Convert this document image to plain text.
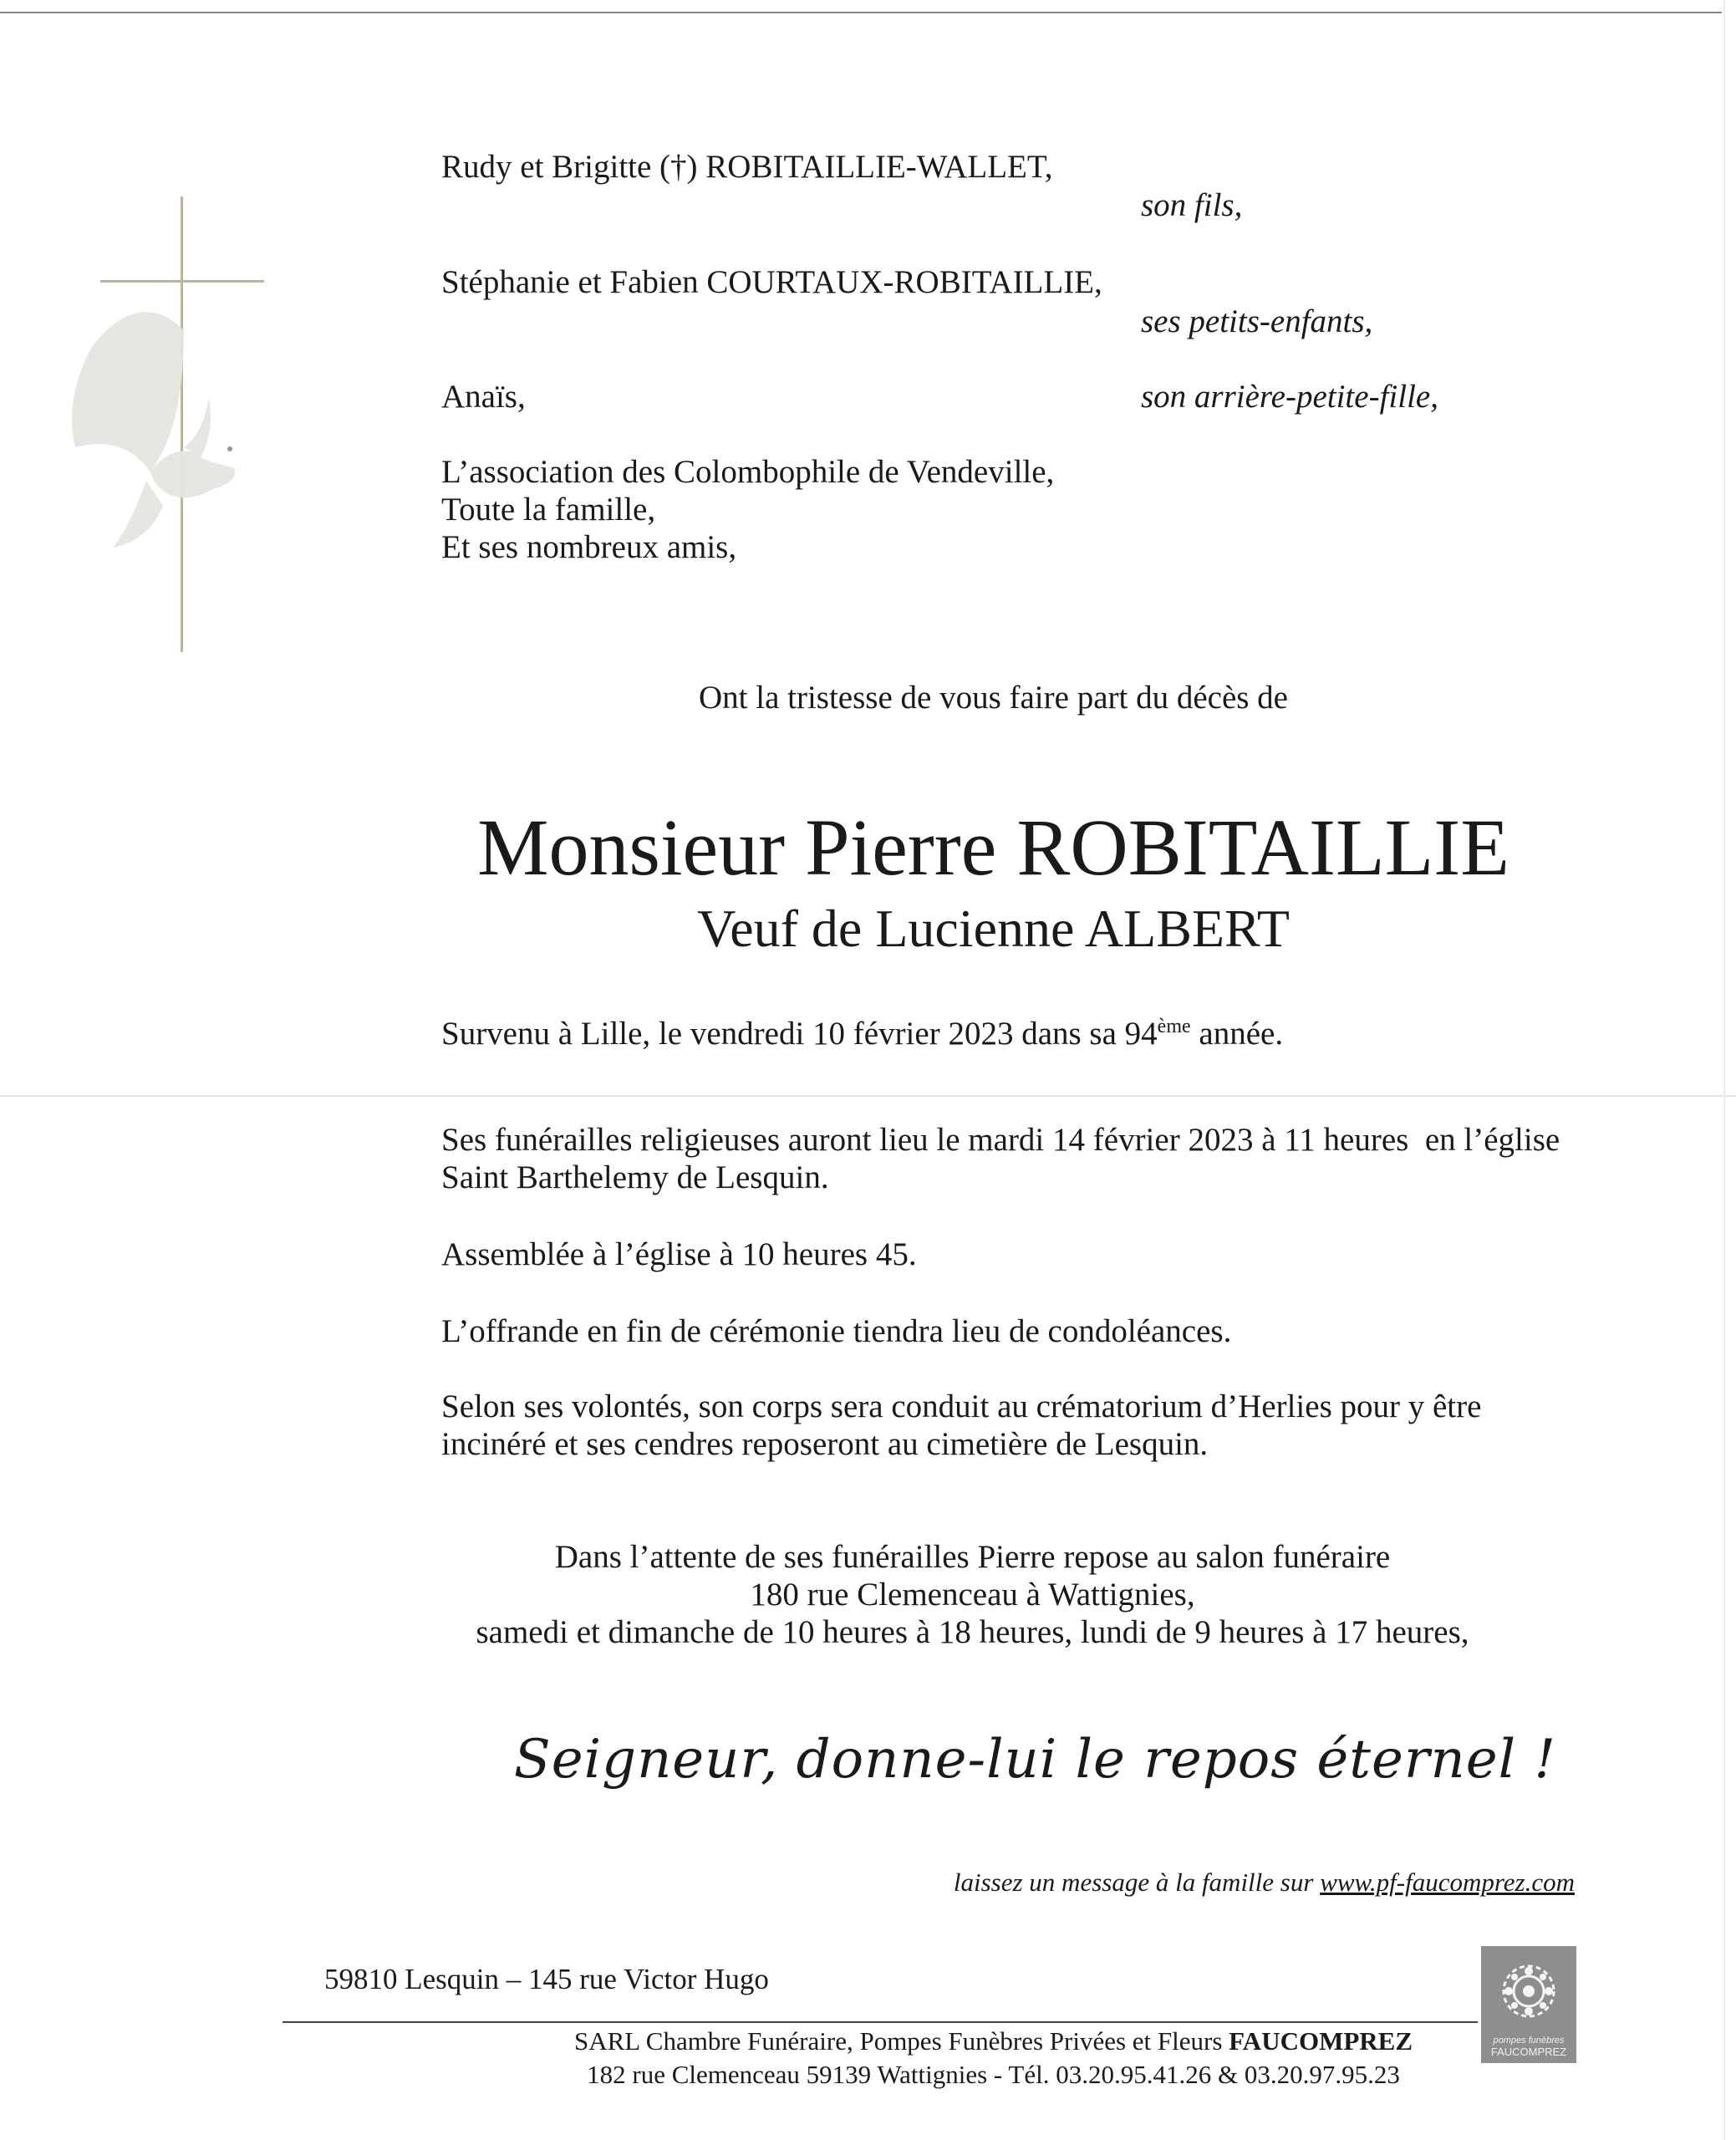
Rudy et Brigitte (†) ROBITAILLIE-WALLET,
son fils,
Stéphanie et Fabien COURTAUX-ROBITAILLIE,
ses petits-enfants,
Anaïs,	son arrière-petite-fille,
L’association des Colombophile de Vendeville,
Toute la famille,
Et ses nombreux amis,
Ont la tristesse de vous faire part du décès de
Monsieur Pierre ROBITAILLIE
Veuf de Lucienne ALBERT
Survenu à Lille, le vendredi 10 février 2023 dans sa 94ème année.
Ses funérailles religieuses auront lieu le mardi 14 février 2023 à 11 heures  en l’église
Saint Barthelemy de Lesquin.
Assemblée à l’église à 10 heures 45.
L’offrande en fin de cérémonie tiendra lieu de condoléances.
Selon ses volontés, son corps sera conduit au crématorium d’Herlies pour y être
incinéré et ses cendres reposeront au cimetière de Lesquin.
Dans l’attente de ses funérailles Pierre repose au salon funéraire
180 rue Clemenceau à Wattignies,
samedi et dimanche de 10 heures à 18 heures, lundi de 9 heures à 17 heures,
Seigneur, donne-lui le repos éternel !
laissez un message à la famille sur www.pf-faucomprez.com
59810 Lesquin – 145 rue Victor Hugo
SARL Chambre Funéraire, Pompes Funèbres Privées et Fleurs FAUCOMPREZ
182 rue Clemenceau 59139 Wattignies - Tél. 03.20.95.41.26 & 03.20.97.95.23
pompes funèbres
FAUCOMPREZ
